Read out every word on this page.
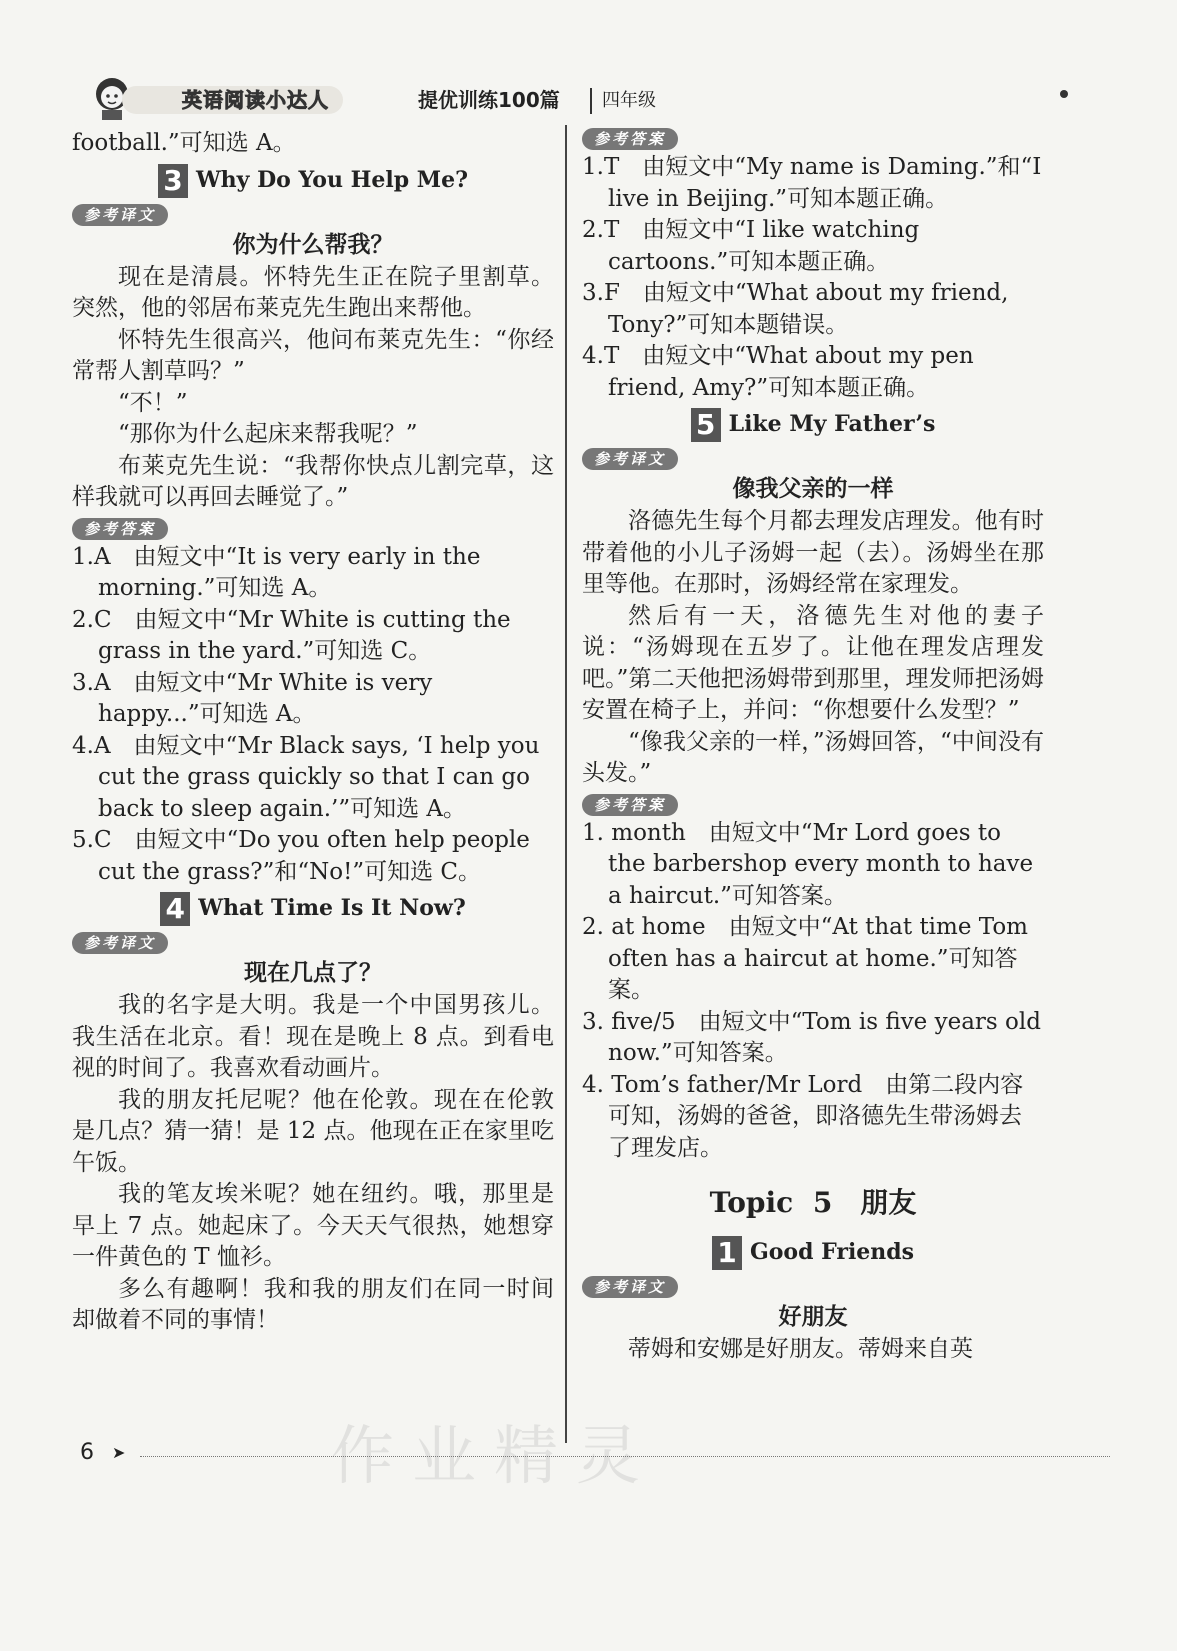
英语阅读小达人	提优训练100篇	四年级

football.”可知选 A。

3 Why Do You Help Me?
参考译文
你为什么帮我？

现在是清晨。怀特先生正在院子里割草。突然，他的邻居布莱克先生跑出来帮他。

怀特先生很高兴，他问布莱克先生：“你经常帮人割草吗？”

“不！”

“那你为什么起床来帮我呢？”

布莱克先生说：“我帮你快点儿割完草，这样我就可以再回去睡觉了。”

参考答案

1.A　由短文中“It is very early in the morning.”可知选 A。

2.C　由短文中“Mr White is cutting the grass in the yard.”可知选 C。

3.A　由短文中“Mr White is very happy...”可知选 A。

4.A　由短文中“Mr Black says, ‘I help you cut the grass quickly so that I can go back to sleep again.’”可知选 A。

5.C　由短文中“Do you often help people cut the grass?”和“No!”可知选 C。

4 What Time Is It Now?
参考译文
现在几点了？

我的名字是大明。我是一个中国男孩儿。我生活在北京。看！现在是晚上 8 点。到看电视的时间了。我喜欢看动画片。

我的朋友托尼呢？他在伦敦。现在在伦敦是几点？猜一猜！是 12 点。他现在正在家里吃午饭。

我的笔友埃米呢？她在纽约。哦，那里是早上 7 点。她起床了。今天天气很热，她想穿一件黄色的 T 恤衫。

多么有趣啊！我和我的朋友们在同一时间却做着不同的事情！

参考答案

1.T　由短文中“My name is Daming.”和“I live in Beijing.”可知本题正确。

2.T　由短文中“I like watching cartoons.”可知本题正确。

3.F　由短文中“What about my friend, Tony?”可知本题错误。

4.T　由短文中“What about my pen friend, Amy?”可知本题正确。

5 Like My Father’s
参考译文
像我父亲的一样

洛德先生每个月都去理发店理发。他有时带着他的小儿子汤姆一起（去）。汤姆坐在那里等他。在那时，汤姆经常在家理发。

然后有一天，洛德先生对他的妻子说：“汤姆现在五岁了。让他在理发店理发吧。”第二天他把汤姆带到那里，理发师把汤姆安置在椅子上，并问：“你想要什么发型？”

“像我父亲的一样，”汤姆回答，“中间没有头发。”

参考答案

1. month　由短文中“Mr Lord goes to the barbershop every month to have a haircut.”可知答案。

2. at home　由短文中“At that time Tom often has a haircut at home.”可知答案。

3. five/5　由短文中“Tom is five years old now.”可知答案。

4. Tom’s father/Mr Lord　由第二段内容可知，汤姆的爸爸，即洛德先生带汤姆去了理发店。

Topic 5　朋友
1 Good Friends
参考译文
好朋友

蒂姆和安娜是好朋友。蒂姆来自英

作业精灵
6 ➤
